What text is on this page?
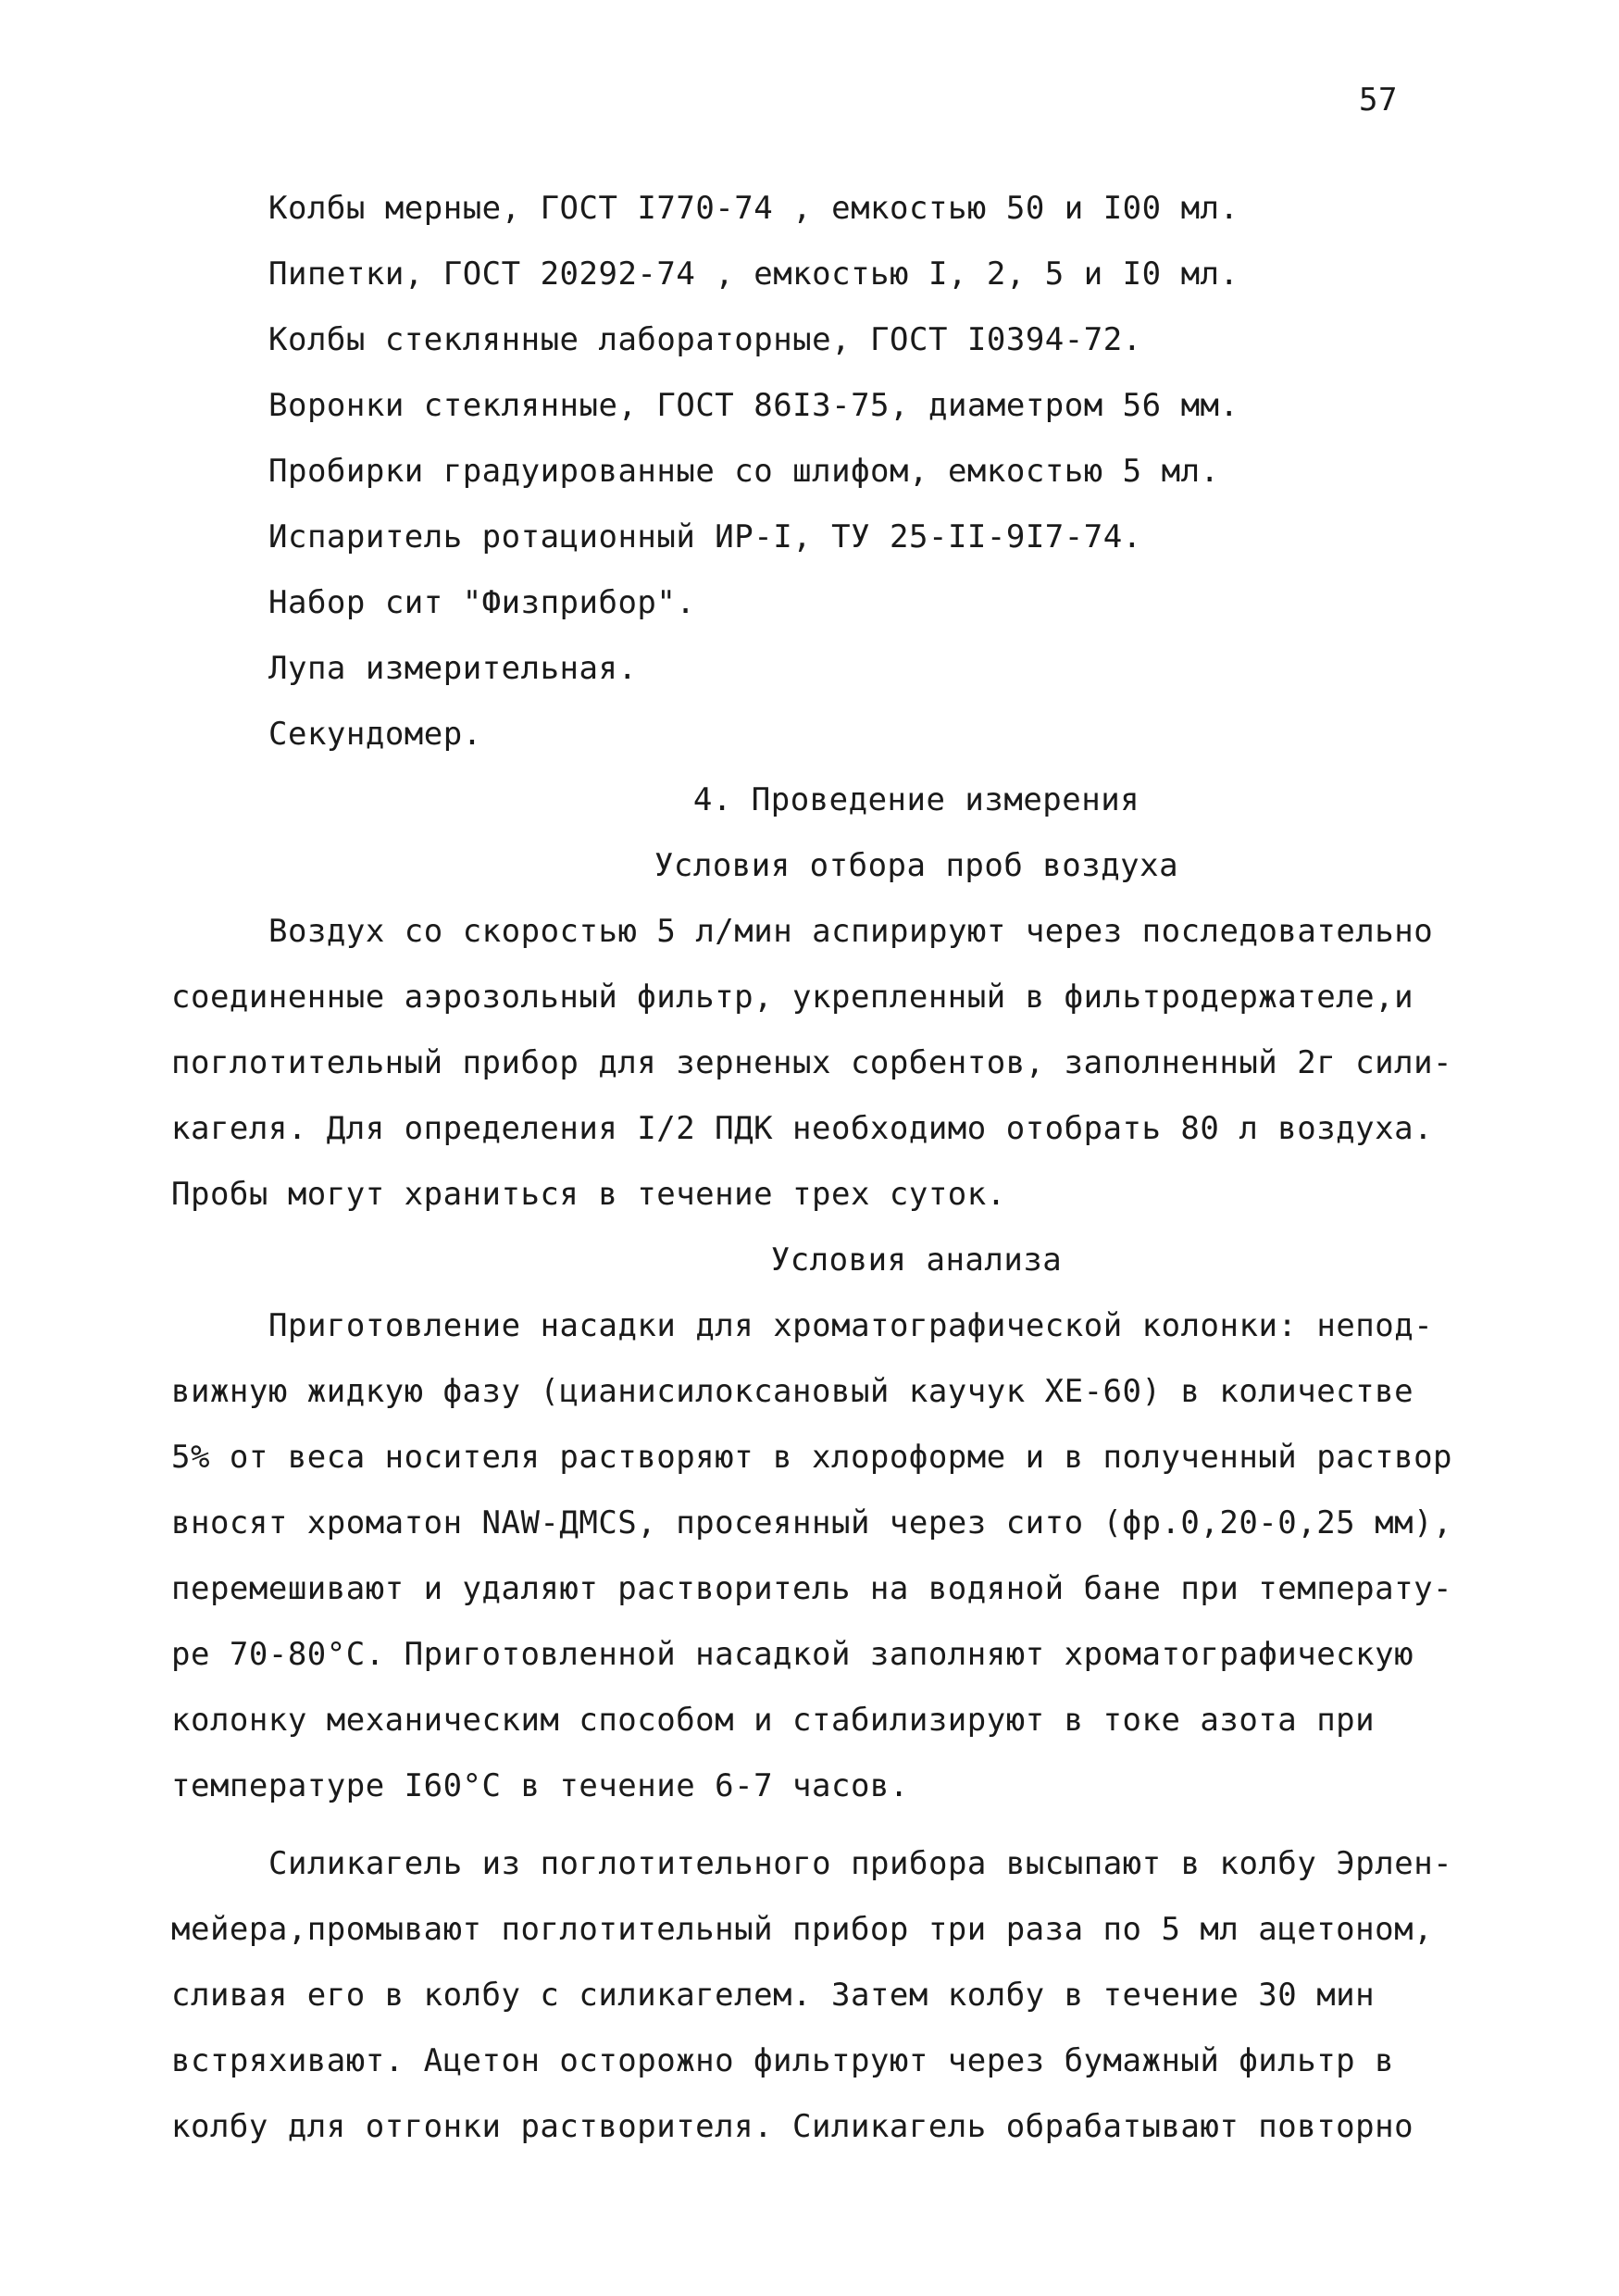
57
Колбы мерные, ГОСТ I770-74 , емкостью 50 и I00 мл.
Пипетки, ГОСТ 20292-74 , емкостью I, 2, 5 и I0 мл.
Колбы стеклянные лабораторные, ГОСТ I0394-72.
Воронки стеклянные, ГОСТ 86I3-75, диаметром 56 мм.
Пробирки градуированные со шлифом, емкостью 5 мл.
Испаритель ротационный ИР-I, ТУ 25-II-9I7-74.
Набор сит "Физприбор".
Лупа измерительная.
Секундомер.
4. Проведение измерения
Условия отбора проб воздуха
Воздух со скоростью 5 л/мин аспирируют через последовательно
соединенные аэрозольный фильтр, укрепленный в фильтродержателе,и
поглотительный прибор для зерненых сорбентов, заполненный 2г сили-
кагеля. Для определения I/2 ПДК необходимо отобрать 80 л воздуха.
Пробы могут храниться в течение трех суток.
Условия анализа
Приготовление насадки для хроматографической колонки: непод-
вижную жидкую фазу (цианисилоксановый каучук XE-60) в количестве
5% от веса носителя растворяют в хлороформе и в полученный раствор
вносят хроматон NAW-ДМСS, просеянный через сито (фр.0,20-0,25 мм),
перемешивают и удаляют растворитель на водяной бане при температу-
ре 70-80°С. Приготовленной насадкой заполняют хроматографическую
колонку механическим способом и стабилизируют в токе азота при
температуре I60°С в течение 6-7 часов.
Силикагель из поглотительного прибора высыпают в колбу Эрлен-
мейера,промывают поглотительный прибор три раза по 5 мл ацетоном,
сливая его в колбу с силикагелем. Затем колбу в течение 30 мин
встряхивают. Ацетон осторожно фильтруют через бумажный фильтр в
колбу для отгонки растворителя. Силикагель обрабатывают повторно
